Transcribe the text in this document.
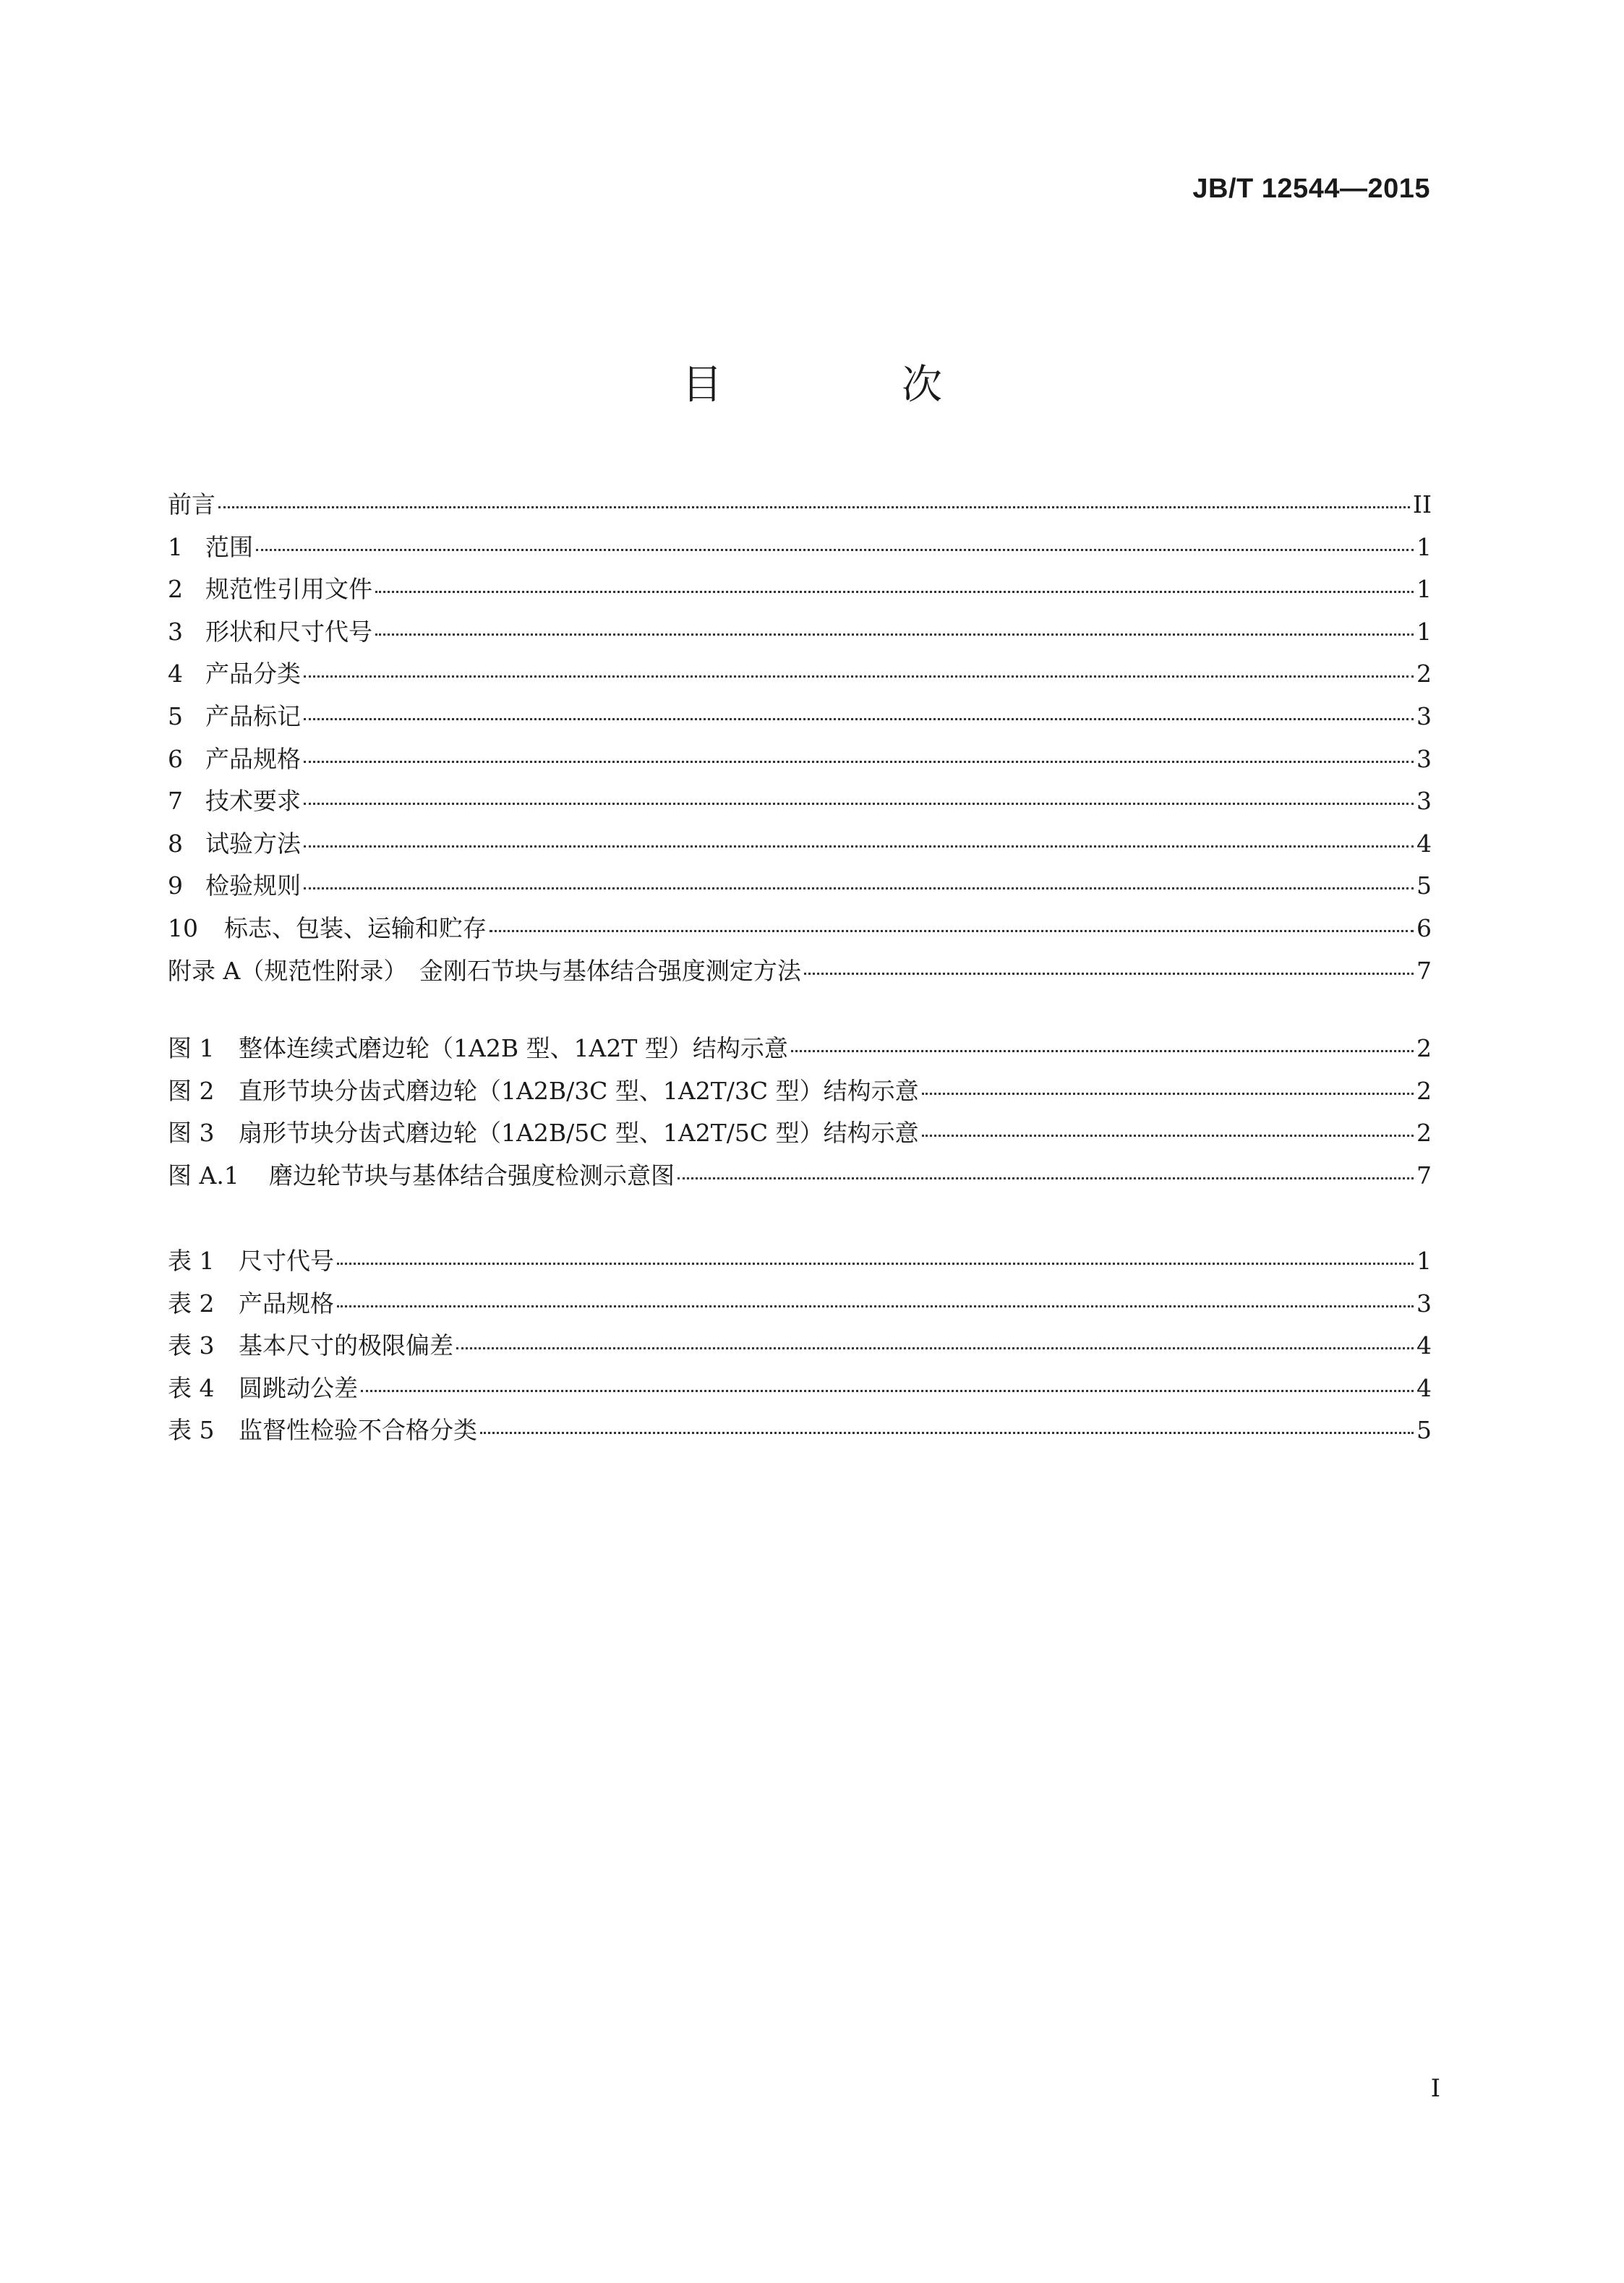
JB/T 12544—2015
目　次
前言	II
1 范围	1
2 规范性引用文件	1
3 形状和尺寸代号	1
4 产品分类	2
5 产品标记	3
6 产品规格	3
7 技术要求	3
8 试验方法	4
9 检验规则	5
10 标志、包装、运输和贮存	6
附录 A（规范性附录）　金刚石节块与基体结合强度测定方法	7
图 1 整体连续式磨边轮（1A2B 型、1A2T 型）结构示意	2
图 2 直形节块分齿式磨边轮（1A2B/3C 型、1A2T/3C 型）结构示意	2
图 3 扇形节块分齿式磨边轮（1A2B/5C 型、1A2T/5C 型）结构示意	2
图 A.1 磨边轮节块与基体结合强度检测示意图	7
表 1 尺寸代号	1
表 2 产品规格	3
表 3 基本尺寸的极限偏差	4
表 4 圆跳动公差	4
表 5 监督性检验不合格分类	5
I
